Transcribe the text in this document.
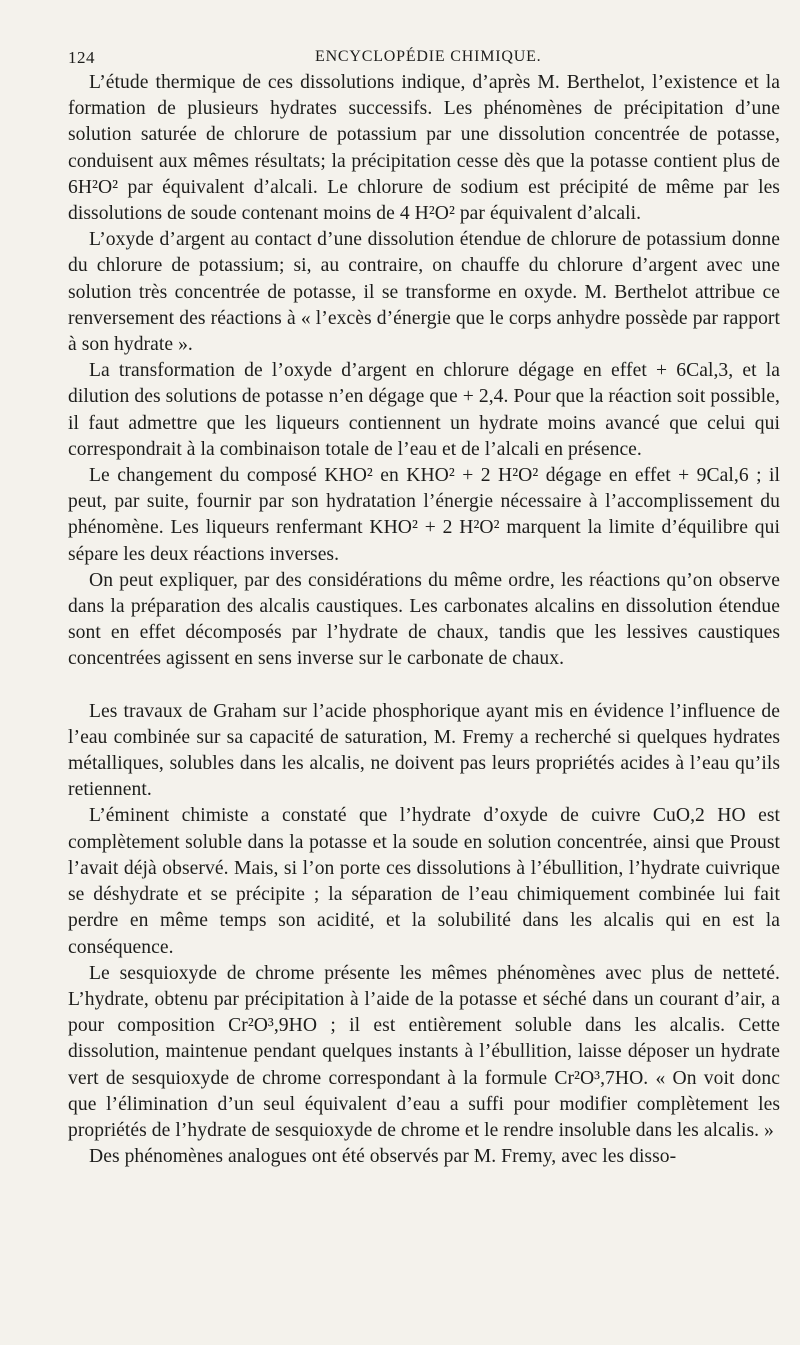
124	ENCYCLOPÉDIE CHIMIQUE.

L’étude thermique de ces dissolutions indique, d’après M. Berthelot, l’existence et la formation de plusieurs hydrates successifs. Les phénomènes de précipitation d’une solution saturée de chlorure de potassium par une dissolution concentrée de potasse, conduisent aux mêmes résultats; la précipitation cesse dès que la potasse contient plus de 6H²O² par équivalent d’alcali. Le chlorure de sodium est précipité de même par les dissolutions de soude contenant moins de 4 H²O² par équivalent d’alcali.

L’oxyde d’argent au contact d’une dissolution étendue de chlorure de potassium donne du chlorure de potassium; si, au contraire, on chauffe du chlorure d’argent avec une solution très concentrée de potasse, il se transforme en oxyde. M. Berthelot attribue ce renversement des réactions à « l’excès d’énergie que le corps anhydre possède par rapport à son hydrate ».

La transformation de l’oxyde d’argent en chlorure dégage en effet + 6Cal,3, et la dilution des solutions de potasse n’en dégage que + 2,4. Pour que la réaction soit possible, il faut admettre que les liqueurs contiennent un hydrate moins avancé que celui qui correspondrait à la combinaison totale de l’eau et de l’alcali en présence.

Le changement du composé KHO² en KHO² + 2 H²O² dégage en effet + 9Cal,6 ; il peut, par suite, fournir par son hydratation l’énergie nécessaire à l’accomplissement du phénomène. Les liqueurs renfermant KHO² + 2 H²O² marquent la limite d’équilibre qui sépare les deux réactions inverses.

On peut expliquer, par des considérations du même ordre, les réactions qu’on observe dans la préparation des alcalis caustiques. Les carbonates alcalins en dissolution étendue sont en effet décomposés par l’hydrate de chaux, tandis que les lessives caustiques concentrées agissent en sens inverse sur le carbonate de chaux.

Les travaux de Graham sur l’acide phosphorique ayant mis en évidence l’influence de l’eau combinée sur sa capacité de saturation, M. Fremy a recherché si quelques hydrates métalliques, solubles dans les alcalis, ne doivent pas leurs propriétés acides à l’eau qu’ils retiennent.

L’éminent chimiste a constaté que l’hydrate d’oxyde de cuivre CuO,2 HO est complètement soluble dans la potasse et la soude en solution concentrée, ainsi que Proust l’avait déjà observé. Mais, si l’on porte ces dissolutions à l’ébullition, l’hydrate cuivrique se déshydrate et se précipite ; la séparation de l’eau chimiquement combinée lui fait perdre en même temps son acidité, et la solubilité dans les alcalis qui en est la conséquence.

Le sesquioxyde de chrome présente les mêmes phénomènes avec plus de netteté. L’hydrate, obtenu par précipitation à l’aide de la potasse et séché dans un courant d’air, a pour composition Cr²O³,9HO ; il est entièrement soluble dans les alcalis. Cette dissolution, maintenue pendant quelques instants à l’ébullition, laisse déposer un hydrate vert de sesquioxyde de chrome correspondant à la formule Cr²O³,7HO. « On voit donc que l’élimination d’un seul équivalent d’eau a suffi pour modifier complètement les propriétés de l’hydrate de sesquioxyde de chrome et le rendre insoluble dans les alcalis. »

Des phénomènes analogues ont été observés par M. Fremy, avec les disso-
